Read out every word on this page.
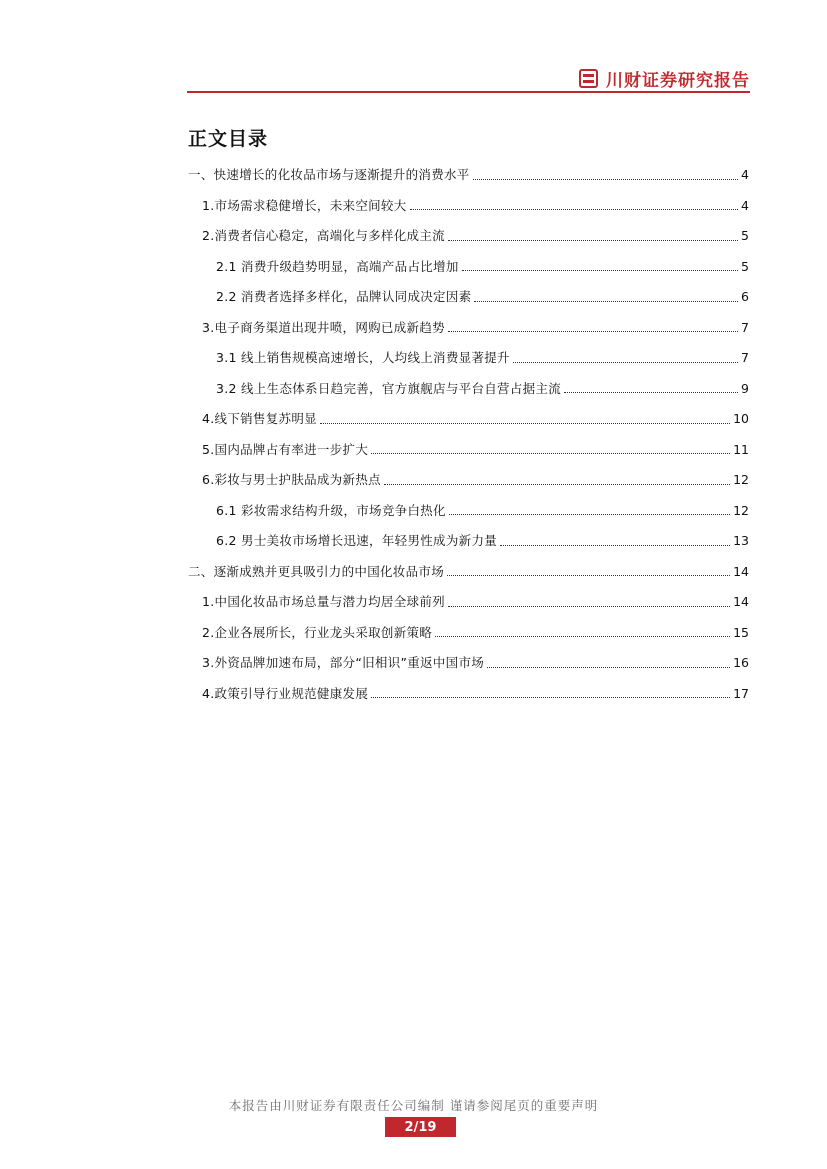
川财证券研究报告
正文目录
一、快速增长的化妆品市场与逐渐提升的消费水平	4
1.市场需求稳健增长，未来空间较大	4
2.消费者信心稳定，高端化与多样化成主流	5
2.1 消费升级趋势明显，高端产品占比增加	5
2.2 消费者选择多样化，品牌认同成决定因素	6
3.电子商务渠道出现井喷，网购已成新趋势	7
3.1 线上销售规模高速增长，人均线上消费显著提升	7
3.2 线上生态体系日趋完善，官方旗舰店与平台自营占据主流	9
4.线下销售复苏明显	10
5.国内品牌占有率进一步扩大	11
6.彩妆与男士护肤品成为新热点	12
6.1 彩妆需求结构升级，市场竞争白热化	12
6.2 男士美妆市场增长迅速，年轻男性成为新力量	13
二、逐渐成熟并更具吸引力的中国化妆品市场	14
1.中国化妆品市场总量与潜力均居全球前列	14
2.企业各展所长，行业龙头采取创新策略	15
3.外资品牌加速布局，部分“旧相识”重返中国市场	16
4.政策引导行业规范健康发展	17
本报告由川财证券有限责任公司编制 谨请参阅尾页的重要声明
2/19
